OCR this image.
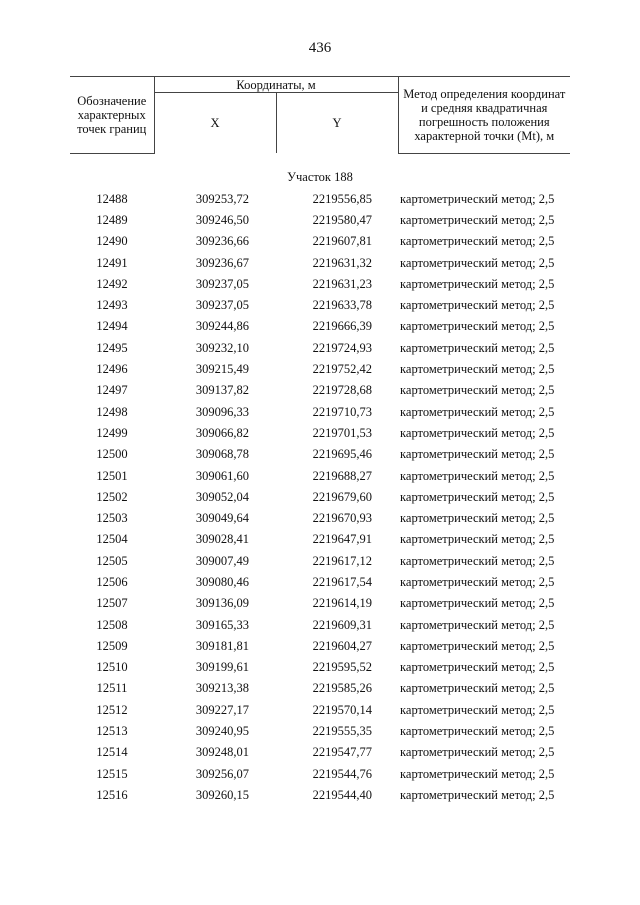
436
Обозначение характерных точек границ	Координаты, м		Метод определения координат и средняя квадратичная погрешность положения характерной точки (Mt), м
	X	Y	
Участок 188			
12488	309253,72	2219556,85	картометрический метод; 2,5
12489	309246,50	2219580,47	картометрический метод; 2,5
12490	309236,66	2219607,81	картометрический метод; 2,5
12491	309236,67	2219631,32	картометрический метод; 2,5
12492	309237,05	2219631,23	картометрический метод; 2,5
12493	309237,05	2219633,78	картометрический метод; 2,5
12494	309244,86	2219666,39	картометрический метод; 2,5
12495	309232,10	2219724,93	картометрический метод; 2,5
12496	309215,49	2219752,42	картометрический метод; 2,5
12497	309137,82	2219728,68	картометрический метод; 2,5
12498	309096,33	2219710,73	картометрический метод; 2,5
12499	309066,82	2219701,53	картометрический метод; 2,5
12500	309068,78	2219695,46	картометрический метод; 2,5
12501	309061,60	2219688,27	картометрический метод; 2,5
12502	309052,04	2219679,60	картометрический метод; 2,5
12503	309049,64	2219670,93	картометрический метод; 2,5
12504	309028,41	2219647,91	картометрический метод; 2,5
12505	309007,49	2219617,12	картометрический метод; 2,5
12506	309080,46	2219617,54	картометрический метод; 2,5
12507	309136,09	2219614,19	картометрический метод; 2,5
12508	309165,33	2219609,31	картометрический метод; 2,5
12509	309181,81	2219604,27	картометрический метод; 2,5
12510	309199,61	2219595,52	картометрический метод; 2,5
12511	309213,38	2219585,26	картометрический метод; 2,5
12512	309227,17	2219570,14	картометрический метод; 2,5
12513	309240,95	2219555,35	картометрический метод; 2,5
12514	309248,01	2219547,77	картометрический метод; 2,5
12515	309256,07	2219544,76	картометрический метод; 2,5
12516	309260,15	2219544,40	картометрический метод; 2,5
